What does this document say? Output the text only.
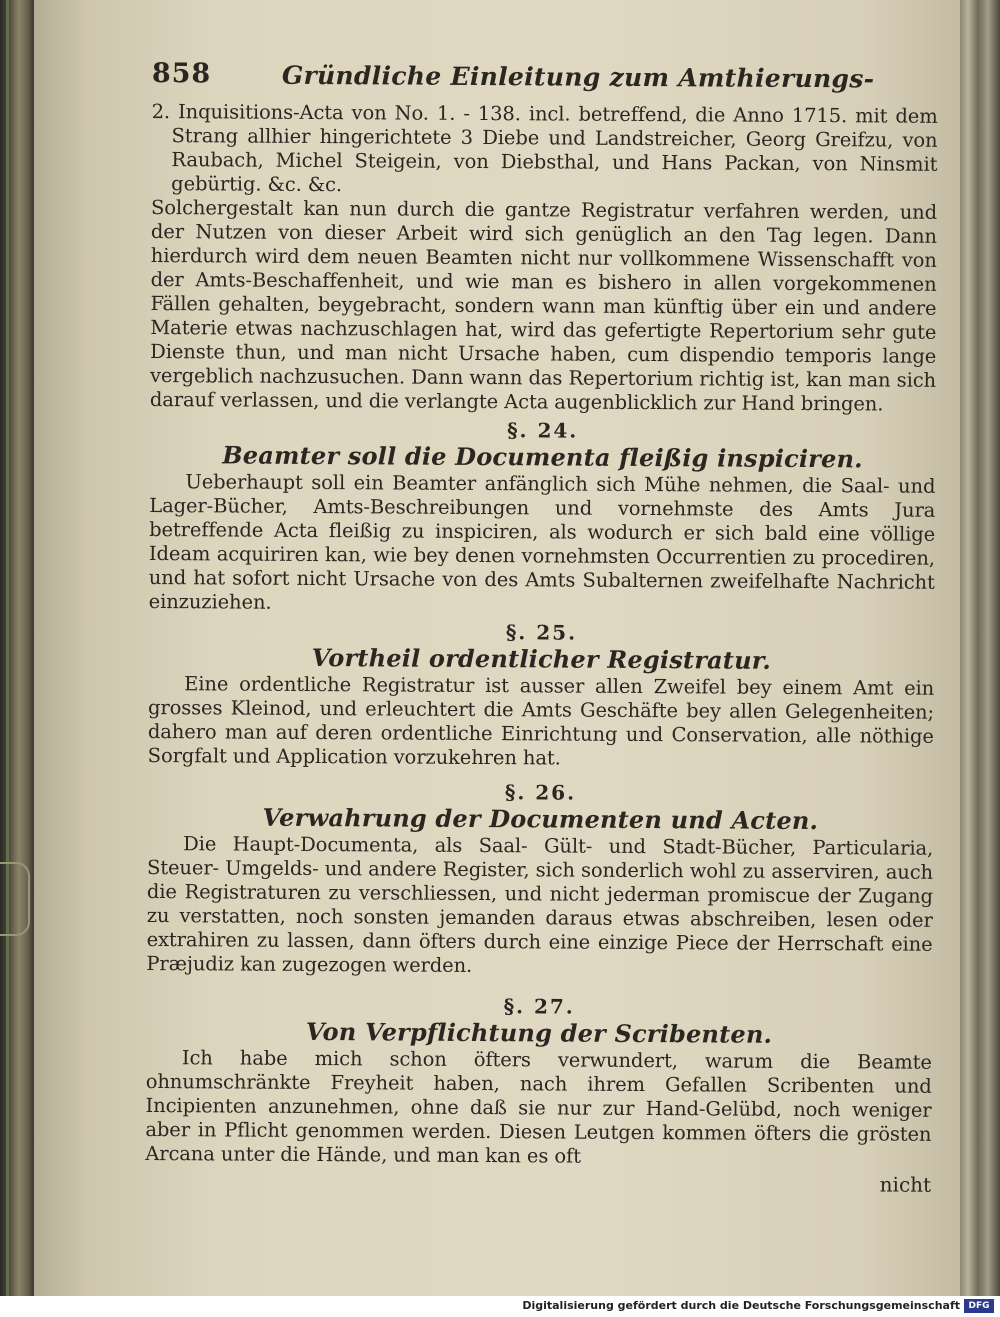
858	Gründliche Einleitung zum Amthierungs-

2. Inquisitions-Acta von No. 1. - 138. incl. betreffend, die Anno 1715. mit dem Strang allhier hingerichtete 3 Diebe und Landstreicher, Georg Greifzu, von Raubach, Michel Steigein, von Diebsthal, und Hans Packan, von Ninsmit gebürtig. &c. &c.

Solchergestalt kan nun durch die gantze Registratur verfahren werden, und der Nutzen von dieser Arbeit wird sich genüglich an den Tag legen. Dann hierdurch wird dem neuen Beamten nicht nur vollkommene Wissenschafft von der Amts-Beschaffenheit, und wie man es bishero in allen vorgekommenen Fällen gehalten, beygebracht, sondern wann man künftig über ein und andere Materie etwas nachzuschlagen hat, wird das gefertigte Repertorium sehr gute Dienste thun, und man nicht Ursache haben, cum dispendio temporis lange vergeblich nachzusuchen. Dann wann das Repertorium richtig ist, kan man sich darauf verlassen, und die verlangte Acta augenblicklich zur Hand bringen.

§. 24.
Beamter soll die Documenta fleißig inspiciren.

Ueberhaupt soll ein Beamter anfänglich sich Mühe nehmen, die Saal- und Lager-Bücher, Amts-Beschreibungen und vornehmste des Amts Jura betreffende Acta fleißig zu inspiciren, als wodurch er sich bald eine völlige Ideam acquiriren kan, wie bey denen vornehmsten Occurrentien zu procediren, und hat sofort nicht Ursache von des Amts Subalternen zweifelhafte Nachricht einzuziehen.

§. 25.
Vortheil ordentlicher Registratur.

Eine ordentliche Registratur ist ausser allen Zweifel bey einem Amt ein grosses Kleinod, und erleuchtert die Amts Geschäfte bey allen Gelegenheiten; dahero man auf deren ordentliche Einrichtung und Conservation, alle nöthige Sorgfalt und Application vorzukehren hat.

§. 26.
Verwahrung der Documenten und Acten.

Die Haupt-Documenta, als Saal- Gült- und Stadt-Bücher, Particularia, Steuer- Umgelds- und andere Register, sich sonderlich wohl zu asserviren, auch die Registraturen zu verschliessen, und nicht jederman promiscue der Zugang zu verstatten, noch sonsten jemanden daraus etwas abschreiben, lesen oder extrahiren zu lassen, dann öfters durch eine einzige Piece der Herrschaft eine Præjudiz kan zugezogen werden.

§. 27.
Von Verpflichtung der Scribenten.

Ich habe mich schon öfters verwundert, warum die Beamte ohnumschränkte Freyheit haben, nach ihrem Gefallen Scribenten und Incipienten anzunehmen, ohne daß sie nur zur Hand-Gelübd, noch weniger aber in Pflicht genommen werden. Diesen Leutgen kommen öfters die grösten Arcana unter die Hände, und man kan es oft

nicht
Digitalisierung gefördert durch die Deutsche Forschungsgemeinschaft DFG
